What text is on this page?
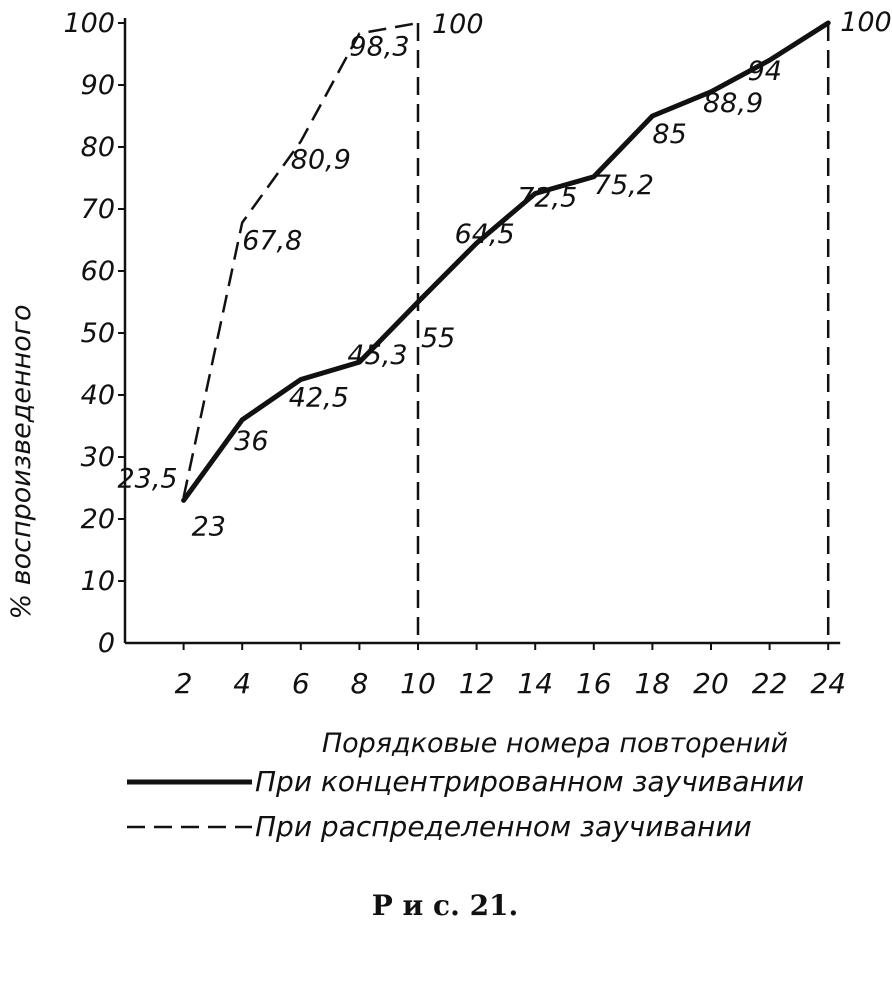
0
10
20
30
40
50
60
70
80
90
100
2 4 6 8 10 12 14 16 18 20 22 24
23
36
42,5
45,3
55
64,5
72,5 75,2
85
88,9
94
100
23,5
67,8
80,9
98,3
100
% воспроизведенного
Порядковые номера повторений
При концентрированном заучивании
При распределенном заучивании
Р и с. 21.
